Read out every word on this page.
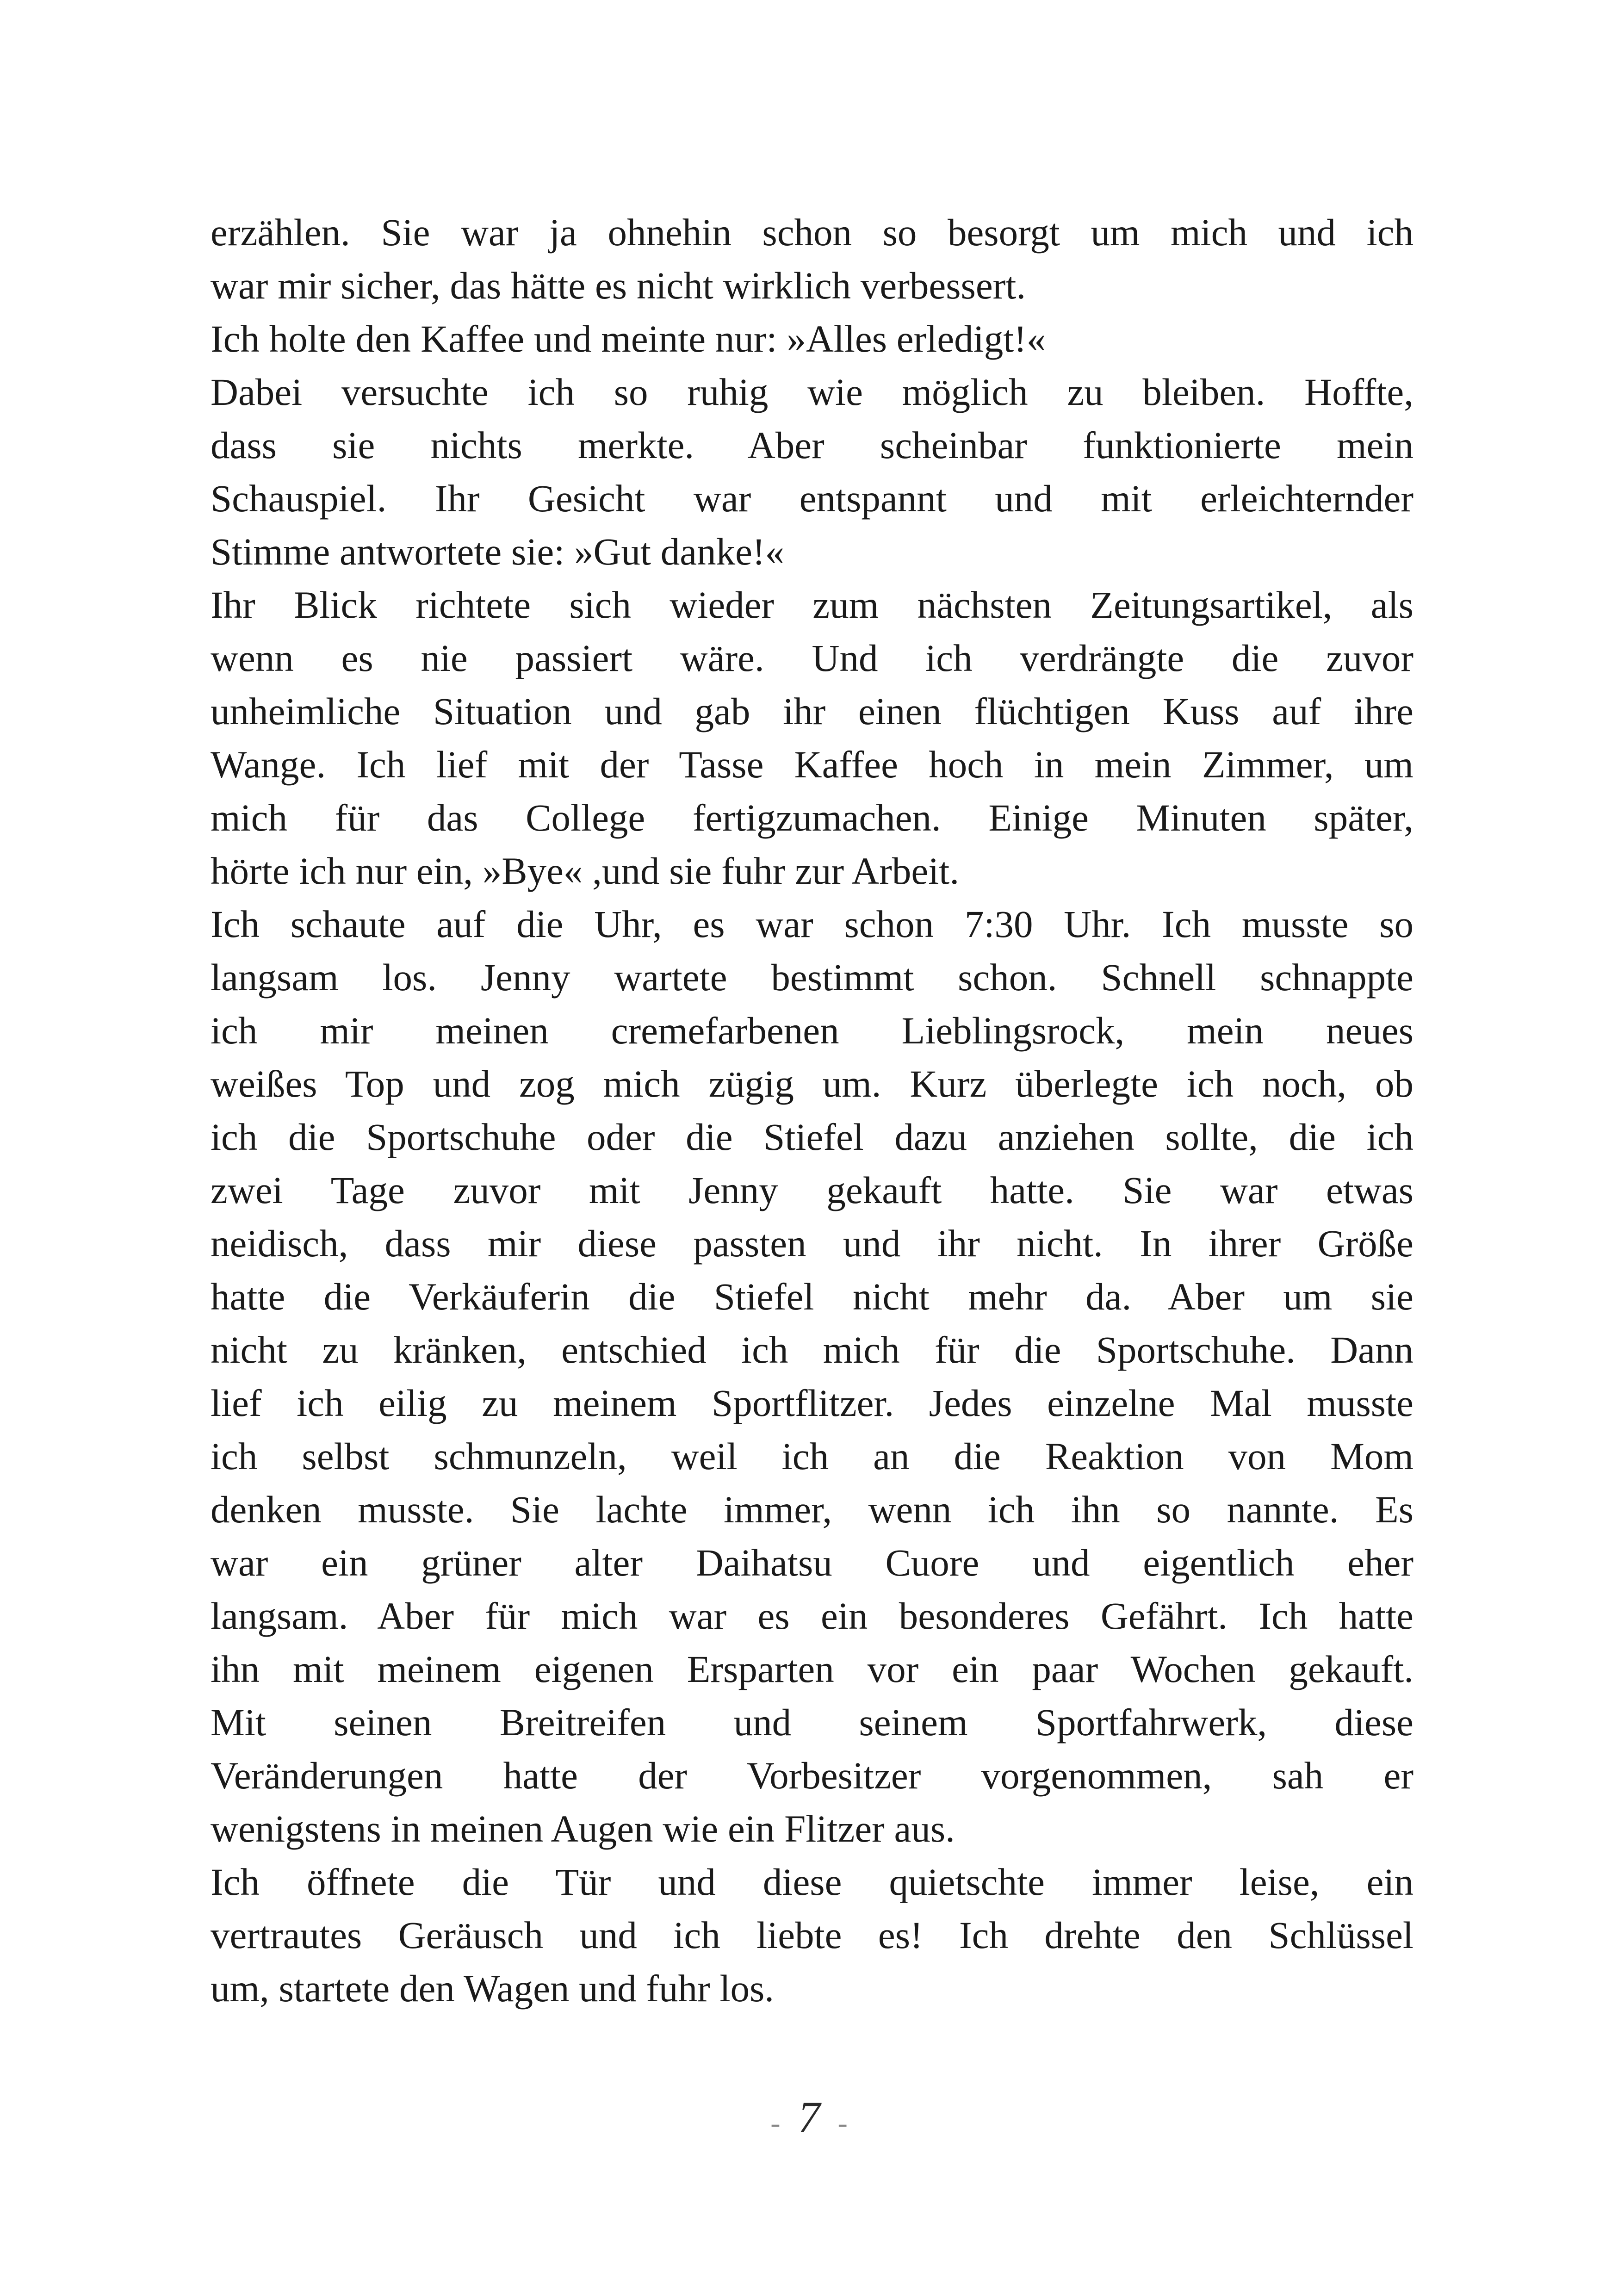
erzählen. Sie war ja ohnehin schon so besorgt um mich und ich
war mir sicher, das hätte es nicht wirklich verbessert.
Ich holte den Kaffee und meinte nur: »Alles erledigt!«
Dabei versuchte ich so ruhig wie möglich zu bleiben. Hoffte,
dass sie nichts merkte. Aber scheinbar funktionierte mein
Schauspiel. Ihr Gesicht war entspannt und mit erleichternder
Stimme antwortete sie: »Gut danke!«
Ihr Blick richtete sich wieder zum nächsten Zeitungsartikel, als
wenn es nie passiert wäre. Und ich verdrängte die zuvor
unheimliche Situation und gab ihr einen flüchtigen Kuss auf ihre
Wange. Ich lief mit der Tasse Kaffee hoch in mein Zimmer, um
mich für das College fertigzumachen. Einige Minuten später,
hörte ich nur ein, »Bye« ,und sie fuhr zur Arbeit.
Ich schaute auf die Uhr, es war schon 7:30 Uhr. Ich musste so
langsam los. Jenny wartete bestimmt schon. Schnell schnappte
ich mir meinen cremefarbenen Lieblingsrock, mein neues
weißes Top und zog mich zügig um. Kurz überlegte ich noch, ob
ich die Sportschuhe oder die Stiefel dazu anziehen sollte, die ich
zwei Tage zuvor mit Jenny gekauft hatte. Sie war etwas
neidisch, dass mir diese passten und ihr nicht. In ihrer Größe
hatte die Verkäuferin die Stiefel nicht mehr da. Aber um sie
nicht zu kränken, entschied ich mich für die Sportschuhe. Dann
lief ich eilig zu meinem Sportflitzer. Jedes einzelne Mal musste
ich selbst schmunzeln, weil ich an die Reaktion von Mom
denken musste. Sie lachte immer, wenn ich ihn so nannte. Es
war ein grüner alter Daihatsu Cuore und eigentlich eher
langsam. Aber für mich war es ein besonderes Gefährt. Ich hatte
ihn mit meinem eigenen Ersparten vor ein paar Wochen gekauft.
Mit seinen Breitreifen und seinem Sportfahrwerk, diese
Veränderungen hatte der Vorbesitzer vorgenommen, sah er
wenigstens in meinen Augen wie ein Flitzer aus.
Ich öffnete die Tür und diese quietschte immer leise, ein
vertrautes Geräusch und ich liebte es! Ich drehte den Schlüssel
um, startete den Wagen und fuhr los.
- 7 -
